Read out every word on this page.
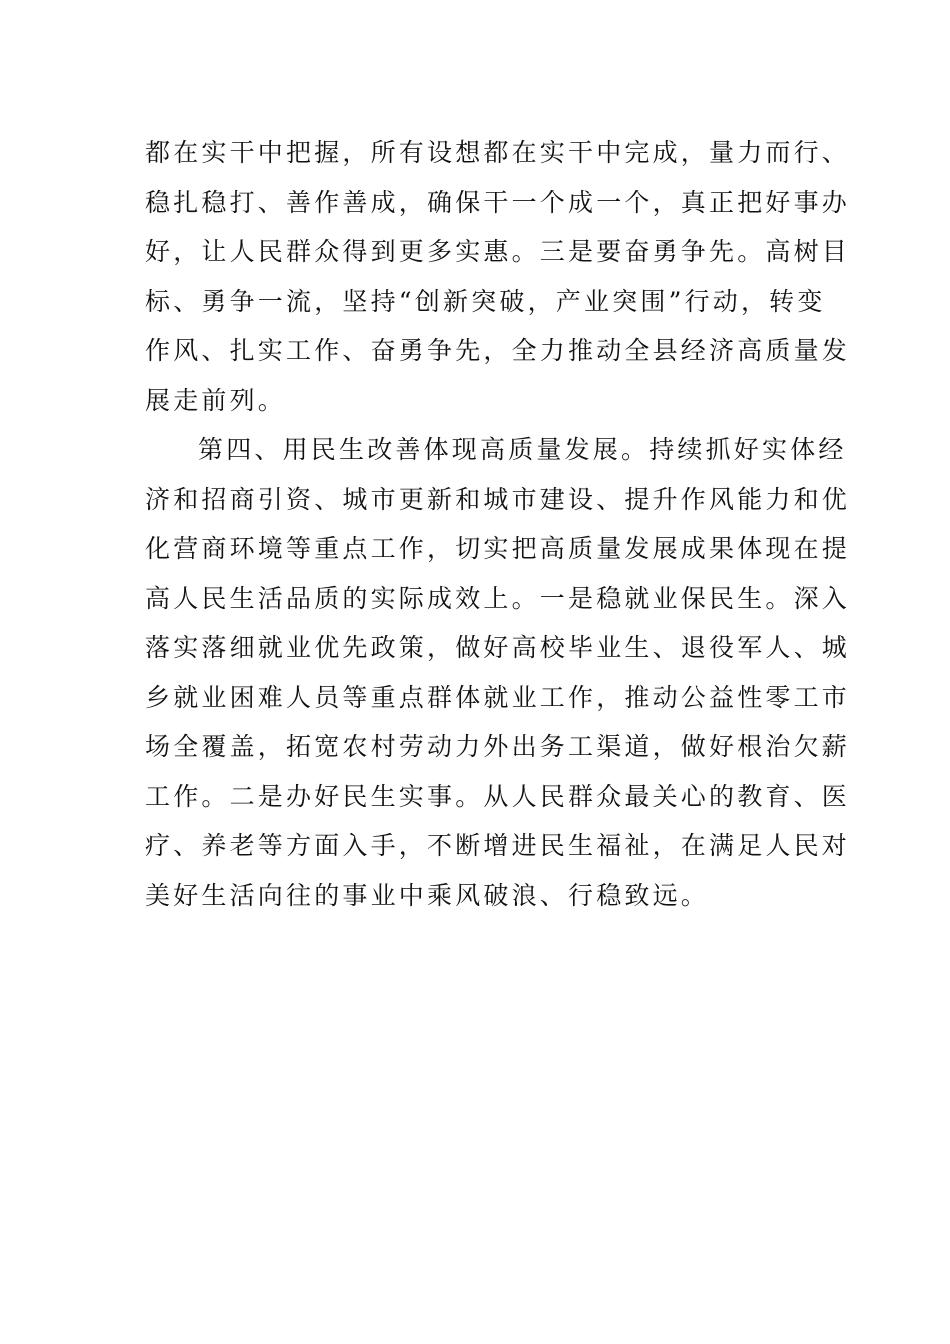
都在实干中把握，所有设想都在实干中完成，量力而行、
稳扎稳打、善作善成，确保干一个成一个，真正把好事办
好，让人民群众得到更多实惠。三是要奋勇争先。高树目
标、勇争一流，坚持“创新突破，产业突围”行动，转变
作风、扎实工作、奋勇争先，全力推动全县经济高质量发
展走前列。
第四、用民生改善体现高质量发展。持续抓好实体经
济和招商引资、城市更新和城市建设、提升作风能力和优
化营商环境等重点工作，切实把高质量发展成果体现在提
高人民生活品质的实际成效上。一是稳就业保民生。深入
落实落细就业优先政策，做好高校毕业生、退役军人、城
乡就业困难人员等重点群体就业工作，推动公益性零工市
场全覆盖，拓宽农村劳动力外出务工渠道，做好根治欠薪
工作。二是办好民生实事。从人民群众最关心的教育、医
疗、养老等方面入手，不断增进民生福祉，在满足人民对
美好生活向往的事业中乘风破浪、行稳致远。
